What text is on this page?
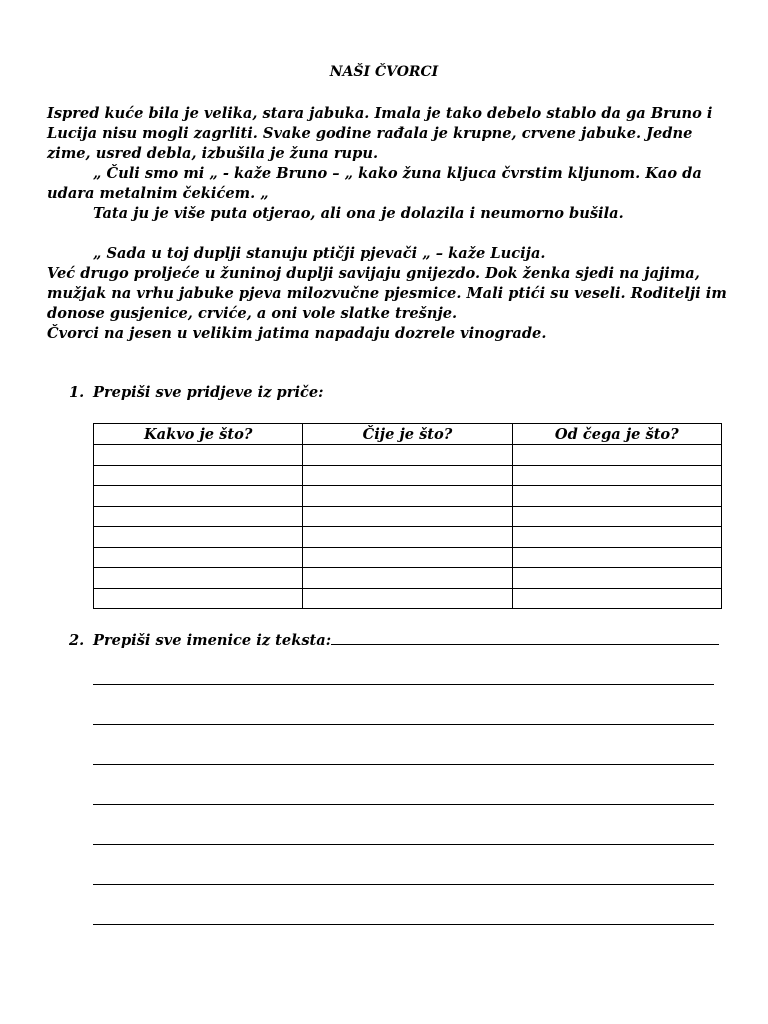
NAŠI ČVORCI
Ispred kuće bila je velika, stara jabuka. Imala je tako debelo stablo da ga Bruno i
Lucija nisu mogli zagrliti. Svake godine rađala je krupne, crvene jabuke. Jedne
zime, usred debla, izbušila je žuna rupu.
„ Čuli smo mi „ - kaže Bruno – „ kako žuna kljuca čvrstim kljunom. Kao da
udara metalnim čekićem. „
Tata ju je više puta otjerao, ali ona je dolazila i neumorno bušila.
„ Sada u toj duplji stanuju ptičji pjevači „ – kaže Lucija.
Već drugo proljeće u žuninoj duplji savijaju gnijezdo. Dok ženka sjedi na jajima,
mužjak na vrhu jabuke pjeva milozvučne pjesmice. Mali ptići su veseli. Roditelji im
donose gusjenice, crviće, a oni vole slatke trešnje.
Čvorci na jesen u velikim jatima napadaju dozrele vinograde.
1. Prepiši sve pridjeve iz priče:
Kakvo je što?	Čije je što?	Od čega je što?

2. Prepiši sve imenice iz teksta:
